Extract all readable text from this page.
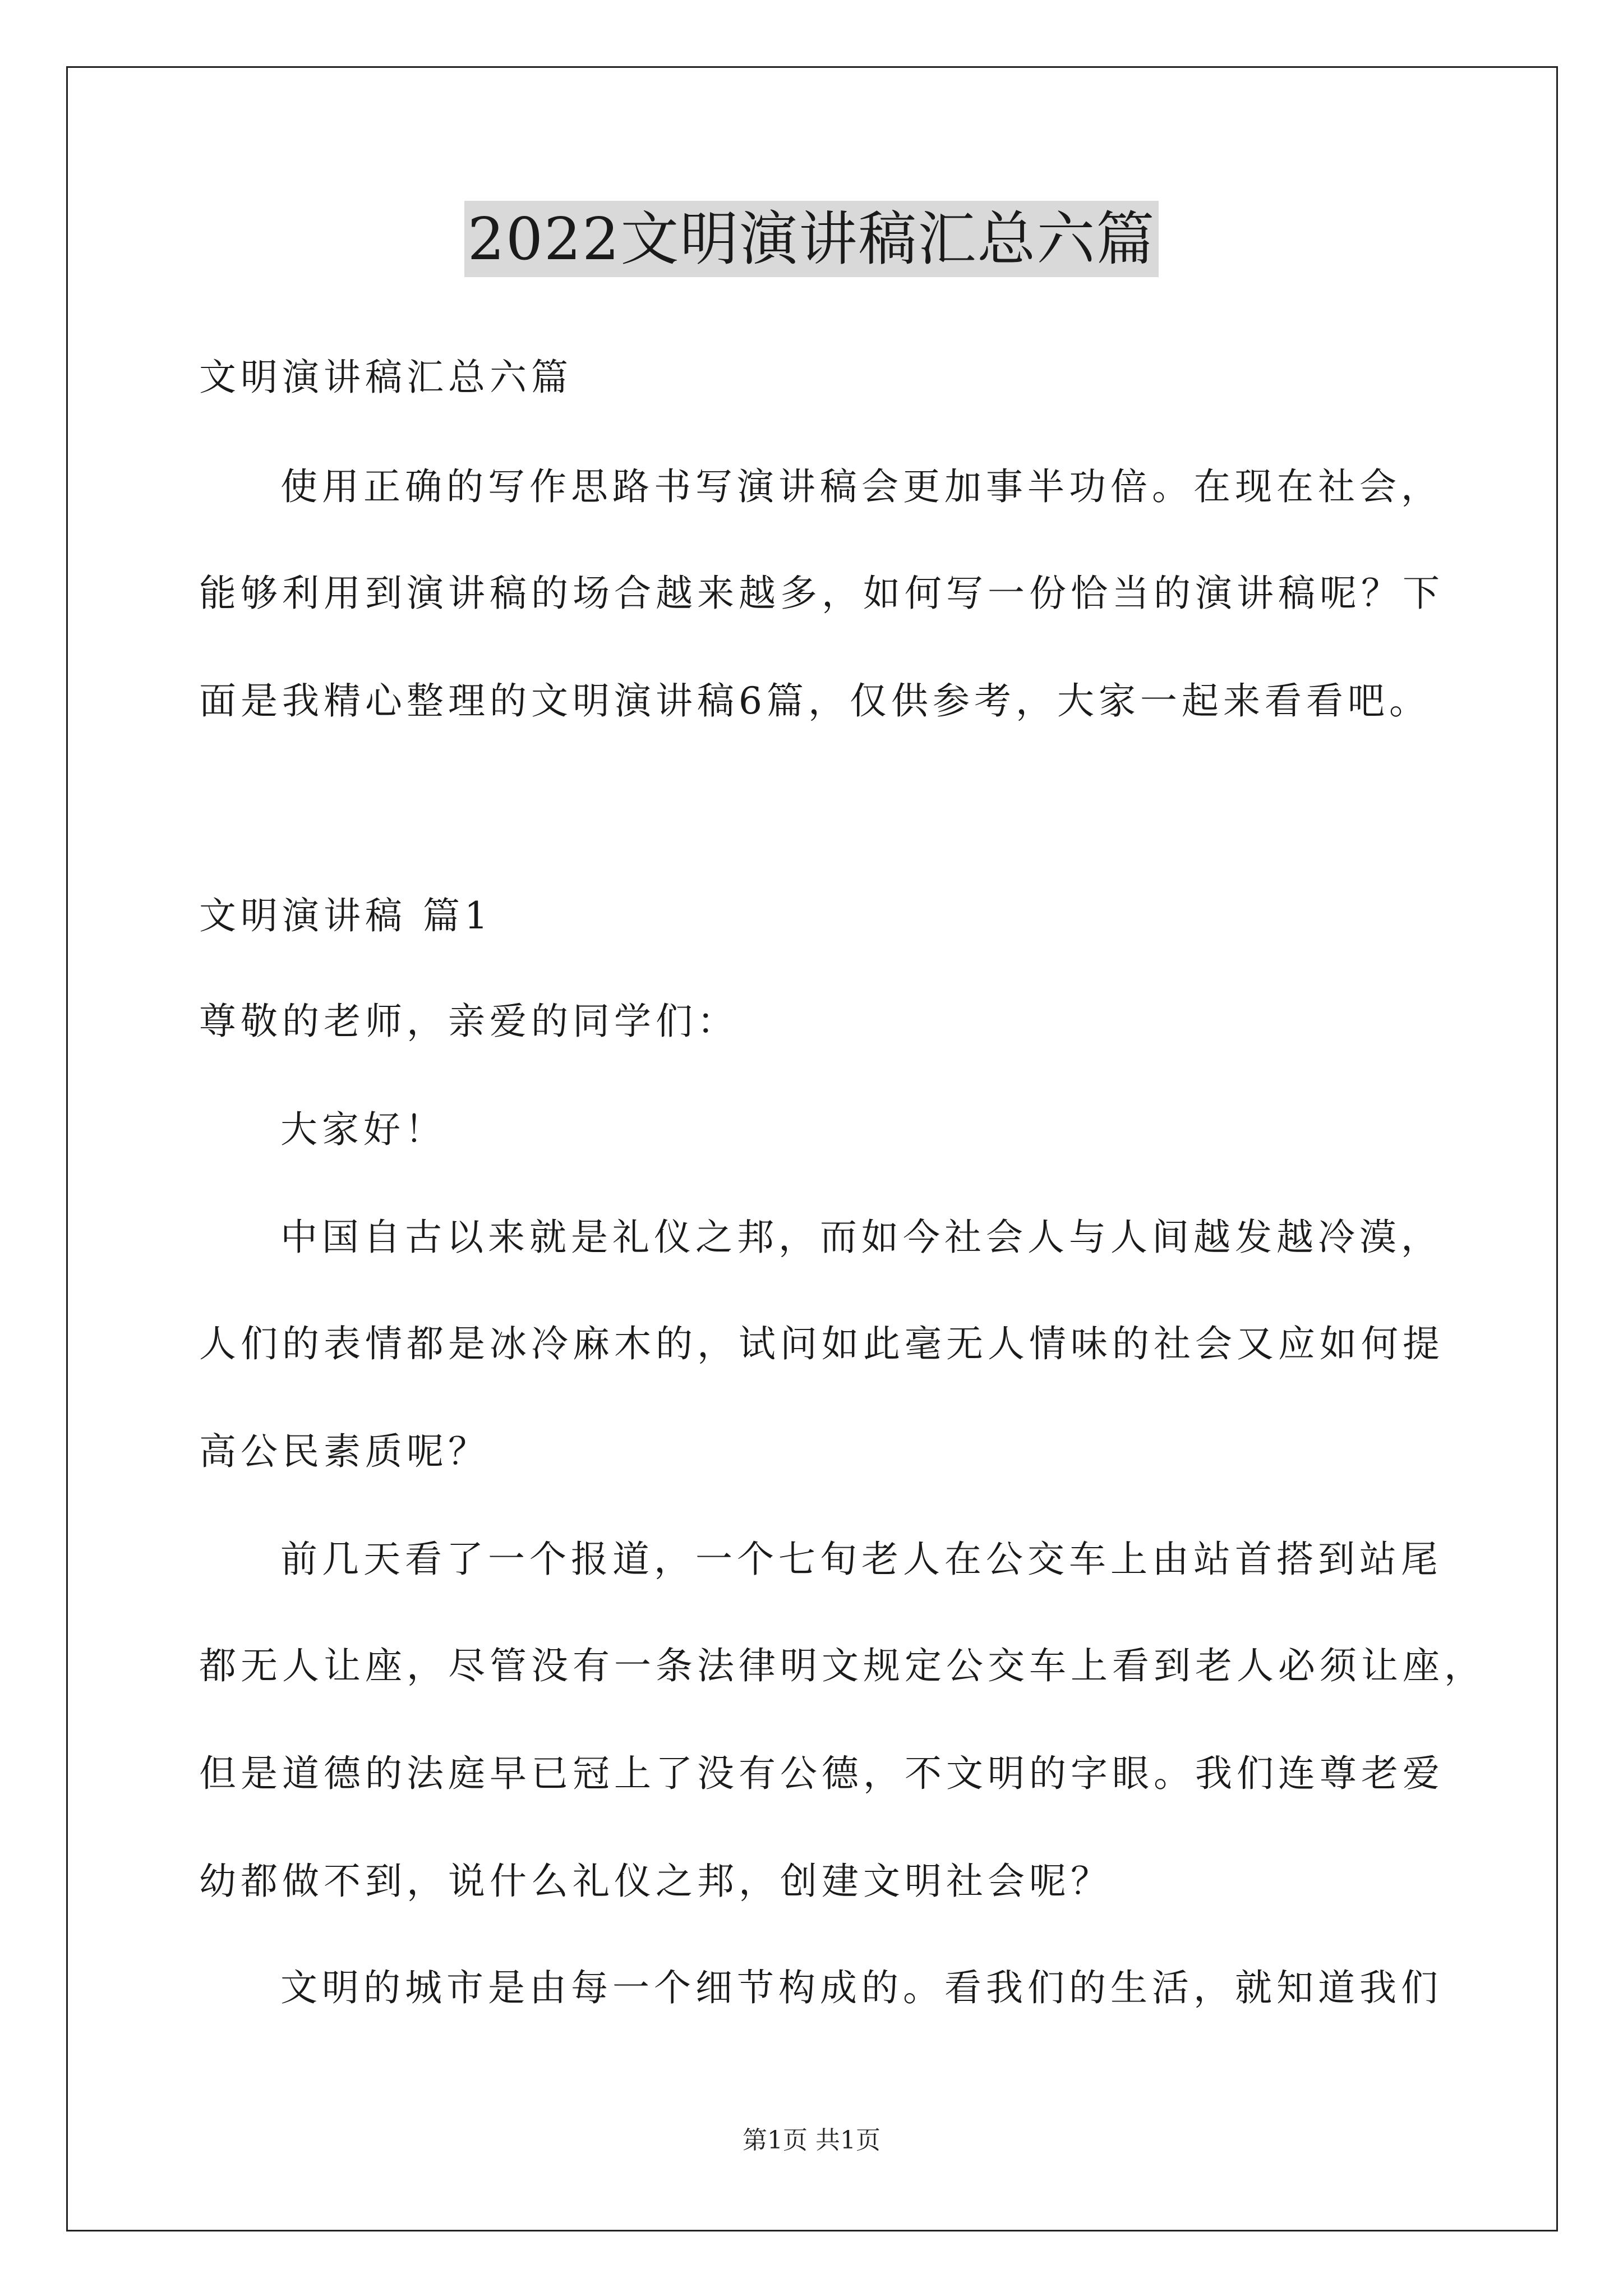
2022文明演讲稿汇总六篇
文明演讲稿汇总六篇
使用正确的写作思路书写演讲稿会更加事半功倍。在现在社会，
能够利用到演讲稿的场合越来越多，如何写一份恰当的演讲稿呢？下
面是我精心整理的文明演讲稿6篇，仅供参考，大家一起来看看吧。
文明演讲稿 篇1
尊敬的老师，亲爱的同学们：
大家好！
中国自古以来就是礼仪之邦，而如今社会人与人间越发越冷漠，
人们的表情都是冰冷麻木的，试问如此毫无人情味的社会又应如何提
高公民素质呢？
前几天看了一个报道，一个七旬老人在公交车上由站首搭到站尾
都无人让座，尽管没有一条法律明文规定公交车上看到老人必须让座，
但是道德的法庭早已冠上了没有公德，不文明的字眼。我们连尊老爱
幼都做不到，说什么礼仪之邦，创建文明社会呢？
文明的城市是由每一个细节构成的。看我们的生活，就知道我们
第1页 共1页
